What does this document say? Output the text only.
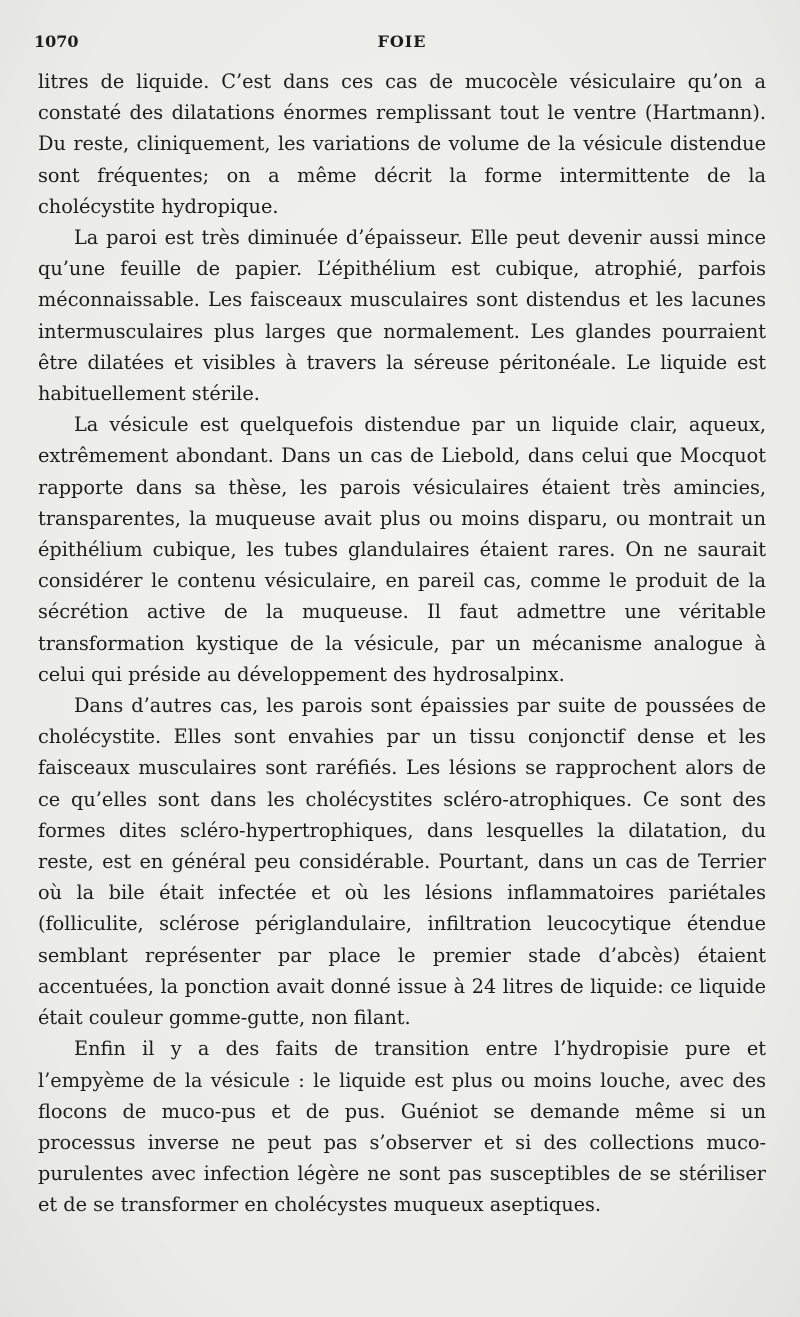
1070	FOIE

litres de liquide. C’est dans ces cas de mucocèle vésiculaire qu’on a constaté des dilatations énormes remplissant tout le ventre (Hartmann). Du reste, cliniquement, les variations de volume de la vésicule distendue sont fréquentes; on a même décrit la forme intermittente de la cholécystite hydropique.

La paroi est très diminuée d’épaisseur. Elle peut devenir aussi mince qu’une feuille de papier. L’épithélium est cubique, atrophié, parfois méconnaissable. Les faisceaux musculaires sont distendus et les lacunes intermusculaires plus larges que normalement. Les glandes pourraient être dilatées et visibles à travers la séreuse péritonéale. Le liquide est habituellement stérile.

La vésicule est quelquefois distendue par un liquide clair, aqueux, extrêmement abondant. Dans un cas de Liebold, dans celui que Mocquot rapporte dans sa thèse, les parois vésiculaires étaient très amincies, transparentes, la muqueuse avait plus ou moins disparu, ou montrait un épithélium cubique, les tubes glandulaires étaient rares. On ne saurait considérer le contenu vésiculaire, en pareil cas, comme le produit de la sécrétion active de la muqueuse. Il faut admettre une véritable transformation kystique de la vésicule, par un mécanisme analogue à celui qui préside au développement des hydrosalpinx.

Dans d’autres cas, les parois sont épaissies par suite de poussées de cholécystite. Elles sont envahies par un tissu conjonctif dense et les faisceaux musculaires sont raréfiés. Les lésions se rapprochent alors de ce qu’elles sont dans les cholécystites scléro-atrophiques. Ce sont des formes dites scléro-hypertrophiques, dans lesquelles la dilatation, du reste, est en général peu considérable. Pourtant, dans un cas de Terrier où la bile était infectée et où les lésions inflammatoires pariétales (folliculite, sclérose périglandulaire, infiltration leucocytique étendue semblant représenter par place le premier stade d’abcès) étaient accentuées, la ponction avait donné issue à 24 litres de liquide: ce liquide était couleur gomme-gutte, non filant.

Enfin il y a des faits de transition entre l’hydropisie pure et l’empyème de la vésicule : le liquide est plus ou moins louche, avec des flocons de muco-pus et de pus. Guéniot se demande même si un processus inverse ne peut pas s’observer et si des collections muco-purulentes avec infection légère ne sont pas susceptibles de se stériliser et de se transformer en cholécystes muqueux aseptiques.
